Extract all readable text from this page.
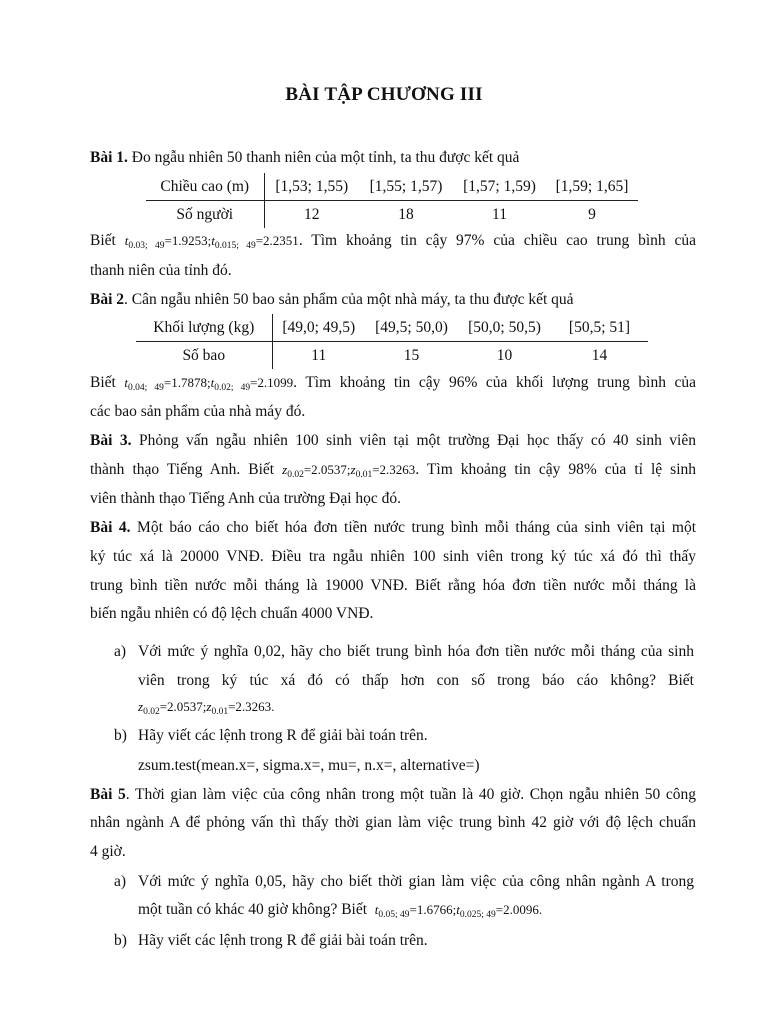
BÀI TẬP CHƯƠNG III
Bài 1. Đo ngẫu nhiên 50 thanh niên của một tỉnh, ta thu được kết quả
Chiều cao (m)	[1,53; 1,55)	[1,55; 1,57)	[1,57; 1,59)	[1,59; 1,65]
Số người	12	18	11	9
Biết $t_{0.03; 49}=1.9253;t_{0.015; 49}=2.2351$. Tìm khoảng tin cậy 97% của chiều cao trung bình của
thanh niên của tỉnh đó.
Bài 2. Cân ngẫu nhiên 50 bao sản phẩm của một nhà máy, ta thu được kết quả
Khối lượng (kg)	[49,0; 49,5)	[49,5; 50,0)	[50,0; 50,5)	[50,5; 51]
Số bao	11	15	10	14
Biết $t_{0.04; 49}=1.7878;t_{0.02; 49}=2.1099$. Tìm khoảng tin cậy 96% của khối lượng trung bình của
các bao sản phẩm của nhà máy đó.
Bài 3. Phỏng vấn ngẫu nhiên 100 sinh viên tại một trường Đại học thấy có 40 sinh viên
thành thạo Tiếng Anh. Biết $z_{0.02}=2.0537;z_{0.01}=2.3263$. Tìm khoảng tin cậy 98% của tỉ lệ sinh
viên thành thạo Tiếng Anh của trường Đại học đó.
Bài 4. Một báo cáo cho biết hóa đơn tiền nước trung bình mỗi tháng của sinh viên tại một
ký túc xá là 20000 VNĐ. Điều tra ngẫu nhiên 100 sinh viên trong ký túc xá đó thì thấy
trung bình tiền nước mỗi tháng là 19000 VNĐ. Biết rằng hóa đơn tiền nước mỗi tháng là
biến ngẫu nhiên có độ lệch chuẩn 4000 VNĐ.
a) Với mức ý nghĩa 0,02, hãy cho biết trung bình hóa đơn tiền nước mỗi tháng của sinh
viên trong ký túc xá đó có thấp hơn con số trong báo cáo không? Biết
$z_{0.02}=2.0537;z_{0.01}=2.3263$.
b) Hãy viết các lệnh trong R để giải bài toán trên.
zsum.test(mean.x=, sigma.x=, mu=, n.x=, alternative=)
Bài 5. Thời gian làm việc của công nhân trong một tuần là 40 giờ. Chọn ngẫu nhiên 50 công
nhân ngành A để phỏng vấn thì thấy thời gian làm việc trung bình 42 giờ với độ lệch chuẩn
4 giờ.
a) Với mức ý nghĩa 0,05, hãy cho biết thời gian làm việc của công nhân ngành A trong
một tuần có khác 40 giờ không? Biết $t_{0.05; 49}=1.6766;t_{0.025; 49}=2.0096$.
b) Hãy viết các lệnh trong R để giải bài toán trên.
